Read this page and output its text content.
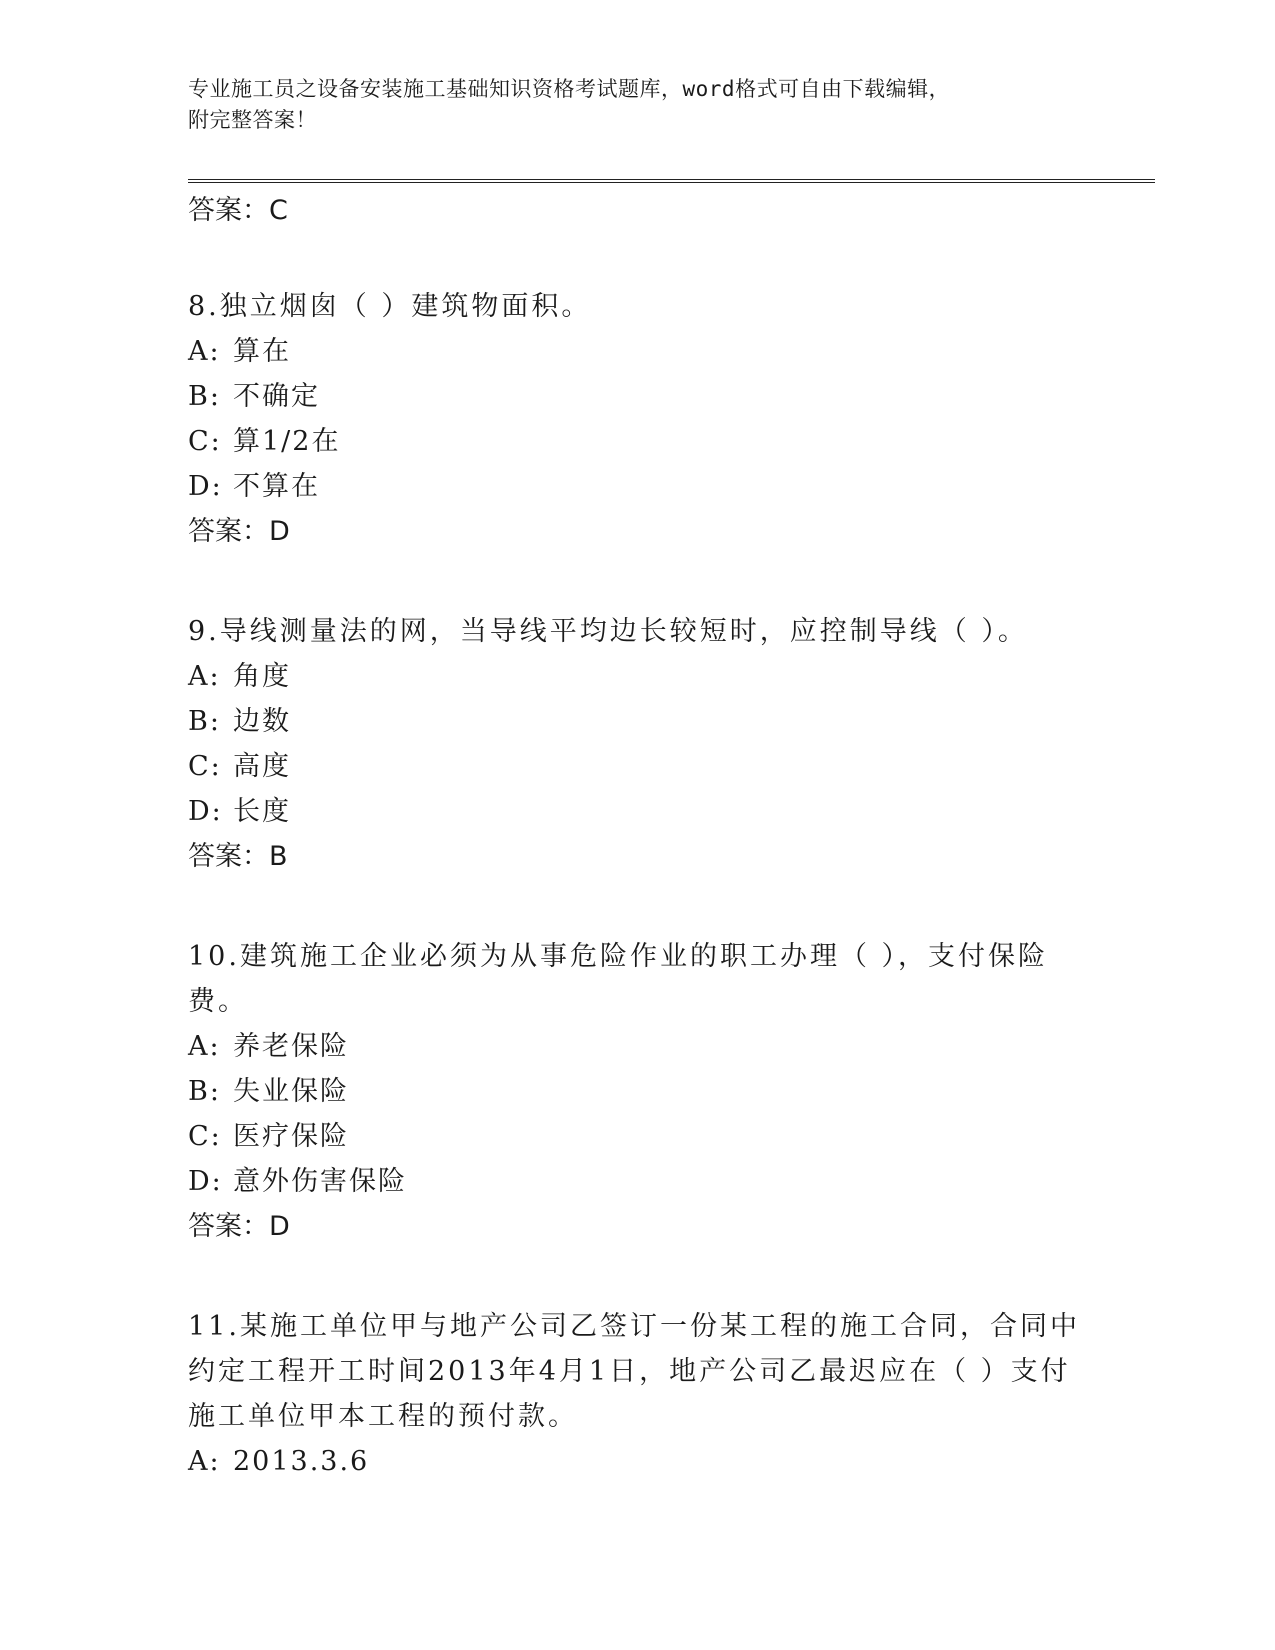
专业施工员之设备安装施工基础知识资格考试题库，word格式可自由下载编辑，
附完整答案！
答案：C
8.独立烟囱（ ）建筑物面积。
A: 算在
B: 不确定
C: 算1/2在
D: 不算在
答案：D
9.导线测量法的网，当导线平均边长较短时，应控制导线（ ）。
A: 角度
B: 边数
C: 高度
D: 长度
答案：B
10.建筑施工企业必须为从事危险作业的职工办理（ ），支付保险费。
A: 养老保险
B: 失业保险
C: 医疗保险
D: 意外伤害保险
答案：D
11.某施工单位甲与地产公司乙签订一份某工程的施工合同，合同中约定工程开工时间2013年4月1日，地产公司乙最迟应在（ ）支付施工单位甲本工程的预付款。
A: 2013.3.6
